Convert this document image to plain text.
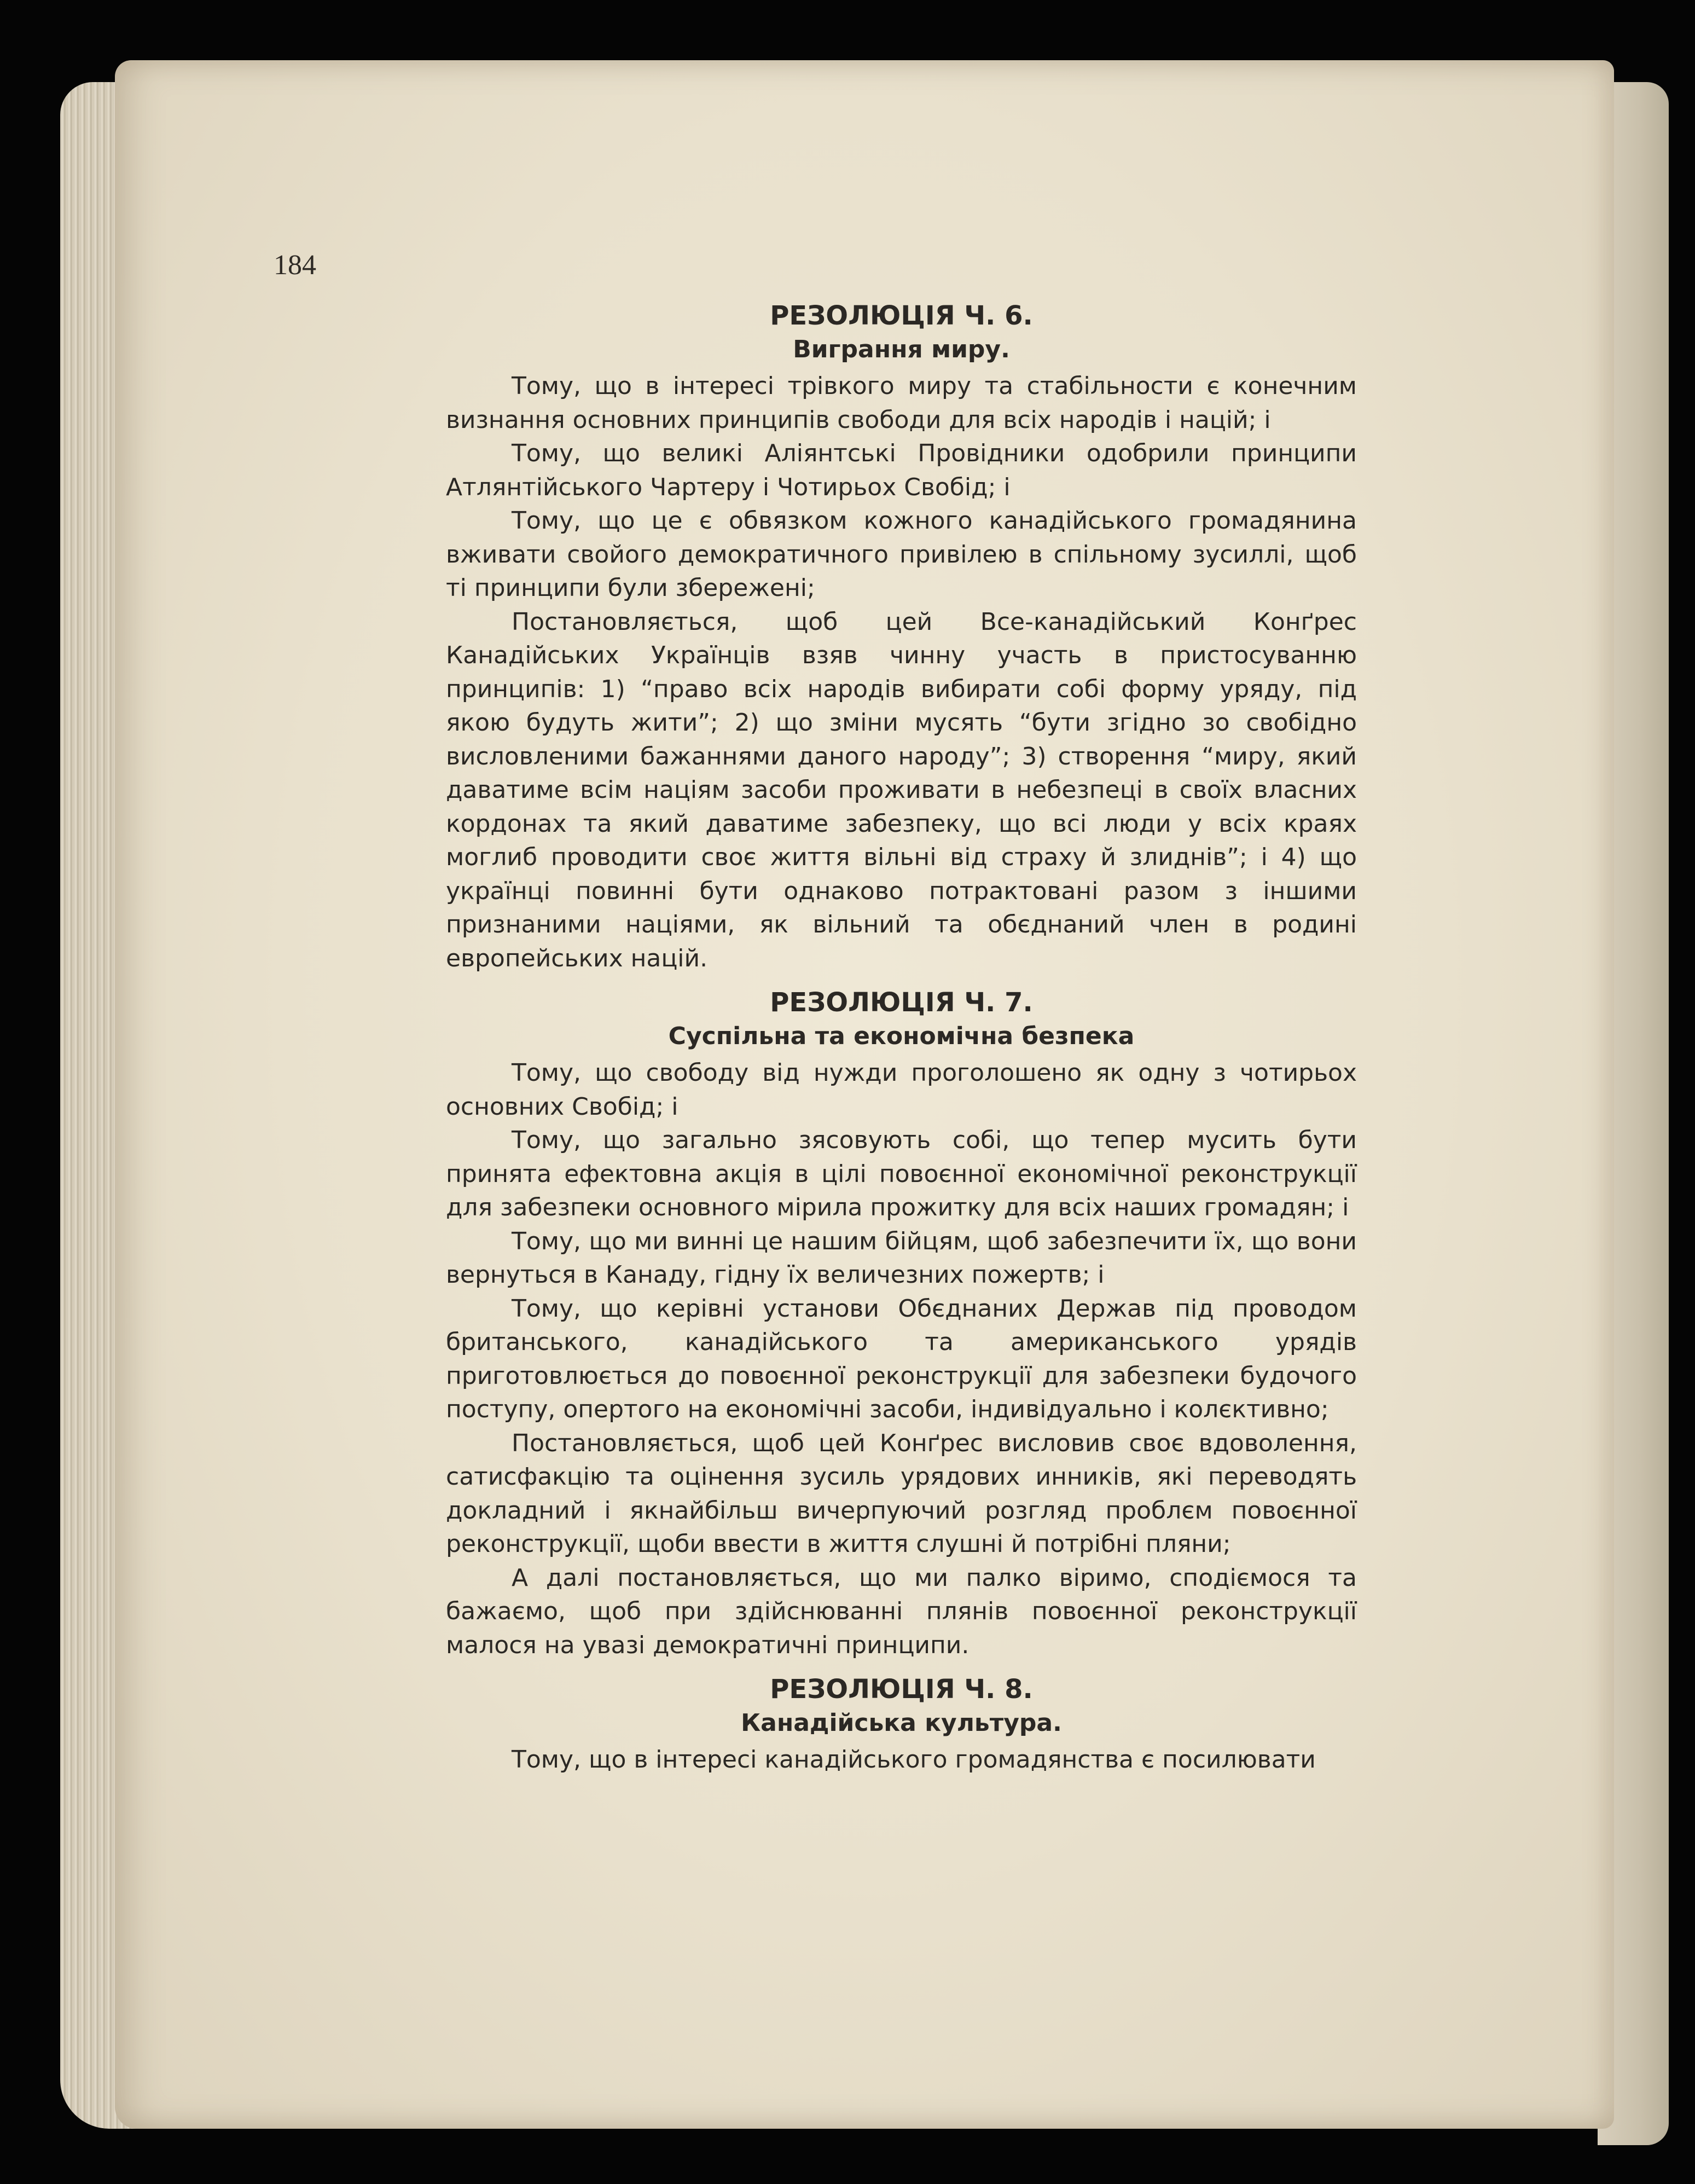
184

РЕЗОЛЮЦІЯ Ч. 6.

Виграння миру.

Тому, що в інтересі трівкого миру та стабільности є конечним визнання основних принципів свободи для всіх народів і націй; і

Тому, що великі Аліянтські Провідники одобрили принципи Атлянтійського Чартеру і Чотирьох Свобід; і

Тому, що це є обвязком кожного канадійського громадянина вживати свойого демократичного привілею в спільному зусиллі, щоб ті принципи були збережені;

Постановляється, щоб цей Все-канадійський Конґрес Канадійських Українців взяв чинну участь в пристосуванню принципів: 1) “право всіх народів вибирати собі форму уряду, під якою будуть жити”; 2) що зміни мусять “бути згідно зо свобідно висловленими бажаннями даного народу”; 3) створення “миру, який даватиме всім націям засоби проживати в небезпеці в своїх власних кордонах та який даватиме забезпеку, що всі люди у всіх краях моглиб проводити своє життя вільні від страху й злиднів”; і 4) що українці повинні бути однаково потрактовані разом з іншими признаними націями, як вільний та обєднаний член в родині европейських націй.

РЕЗОЛЮЦІЯ Ч. 7.

Суспільна та економічна безпека

Тому, що свободу від нужди проголошено як одну з чотирьох основних Свобід; і

Тому, що загально зясовують собі, що тепер мусить бути принята ефектовна акція в цілі повоєнної економічної реконструкції для забезпеки основного мірила прожитку для всіх наших громадян; і

Тому, що ми винні це нашим бійцям, щоб забезпечити їх, що вони вернуться в Канаду, гідну їх величезних пожертв; і

Тому, що керівні установи Обєднаних Держав під проводом британського, канадійського та американського урядів приготовлюється до повоєнної реконструкції для забезпеки будочого поступу, опертого на економічні засоби, індивідуально і колєктивно;

Постановляється, щоб цей Конґрес висловив своє вдоволення, сатисфакцію та оцінення зусиль урядових инників, які переводять докладний і якнайбільш вичерпуючий розгляд проблєм повоєнної реконструкції, щоби ввести в життя слушні й потрібні пляни;

А далі постановляється, що ми палко віримо, сподіємося та бажаємо, щоб при здійснюванні плянів повоєнної реконструкції малося на увазі демократичні принципи.

РЕЗОЛЮЦІЯ Ч. 8.

Канадійська культура.

Тому, що в інтересі канадійського громадянства є посилювати
